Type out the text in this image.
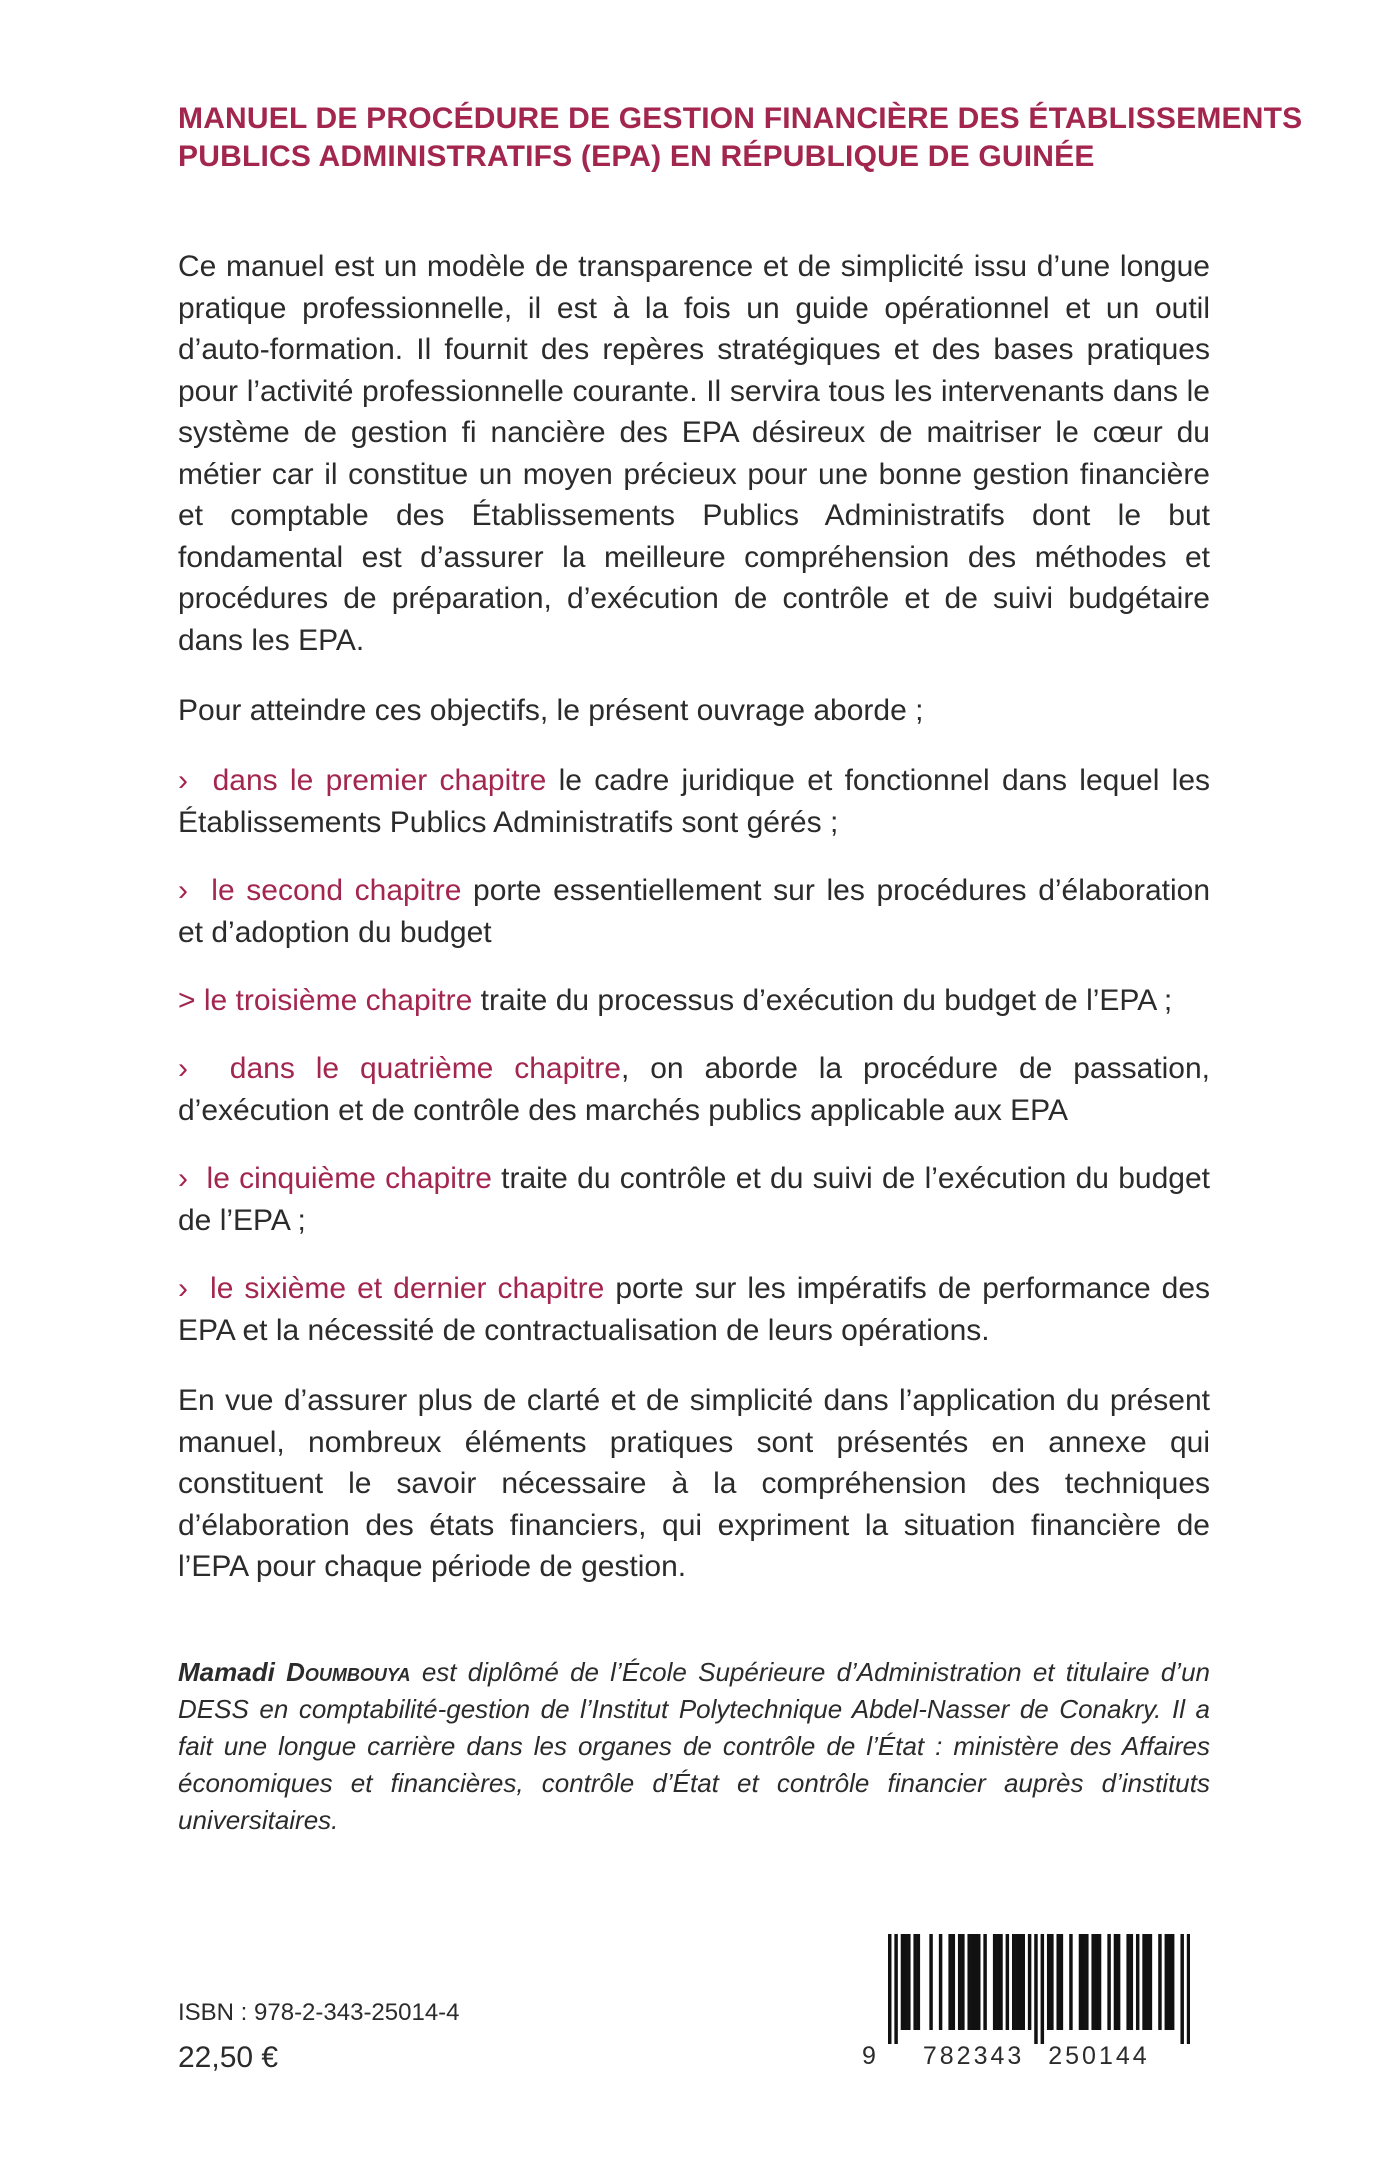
MANUEL DE PROCÉDURE DE GESTION FINANCIÈRE DES ÉTABLISSEMENTS
PUBLICS ADMINISTRATIFS (EPA) EN RÉPUBLIQUE DE GUINÉE
Ce manuel est un modèle de transparence et de simplicité issu d’une longue pratique professionnelle, il est à la fois un guide opérationnel et un outil d’auto-formation. Il fournit des repères stratégiques et des bases pratiques pour l’activité professionnelle courante. Il servira tous les intervenants dans le système de gestion fi nancière des EPA désireux de maitriser le cœur du métier car il constitue un moyen précieux pour une bonne gestion financière et comptable des Établissements Publics Administratifs dont le but fondamental est d’assurer la meilleure compréhension des méthodes et procédures de préparation, d’exécution de contrôle et de suivi budgétaire dans les EPA.
Pour atteindre ces objectifs, le présent ouvrage aborde ;
› dans le premier chapitre le cadre juridique et fonctionnel dans lequel les Établissements Publics Administratifs sont gérés ;
› le second chapitre porte essentiellement sur les procédures d’élaboration et d’adoption du budget
> le troisième chapitre traite du processus d’exécution du budget de l’EPA ;
› dans le quatrième chapitre, on aborde la procédure de passation, d’exécution et de contrôle des marchés publics applicable aux EPA
› le cinquième chapitre traite du contrôle et du suivi de l’exécution du budget de l’EPA ;
› le sixième et dernier chapitre porte sur les impératifs de performance des EPA et la nécessité de contractualisation de leurs opérations.
En vue d’assurer plus de clarté et de simplicité dans l’application du présent manuel, nombreux éléments pratiques sont présentés en annexe qui constituent le savoir nécessaire à la compréhension des techniques d’élaboration des états financiers, qui expriment la situation financière de l’EPA pour chaque période de gestion.
Mamadi Doumbouya est diplômé de l’École Supérieure d’Administration et titulaire d’un DESS en comptabilité-gestion de l’Institut Polytechnique Abdel-Nasser de Conakry. Il a fait une longue carrière dans les organes de contrôle de l’État : ministère des Affaires économiques et financières, contrôle d’État et contrôle financier auprès d’instituts universitaires.
ISBN : 978-2-343-25014-4
22,50 €	9 782343 250144
